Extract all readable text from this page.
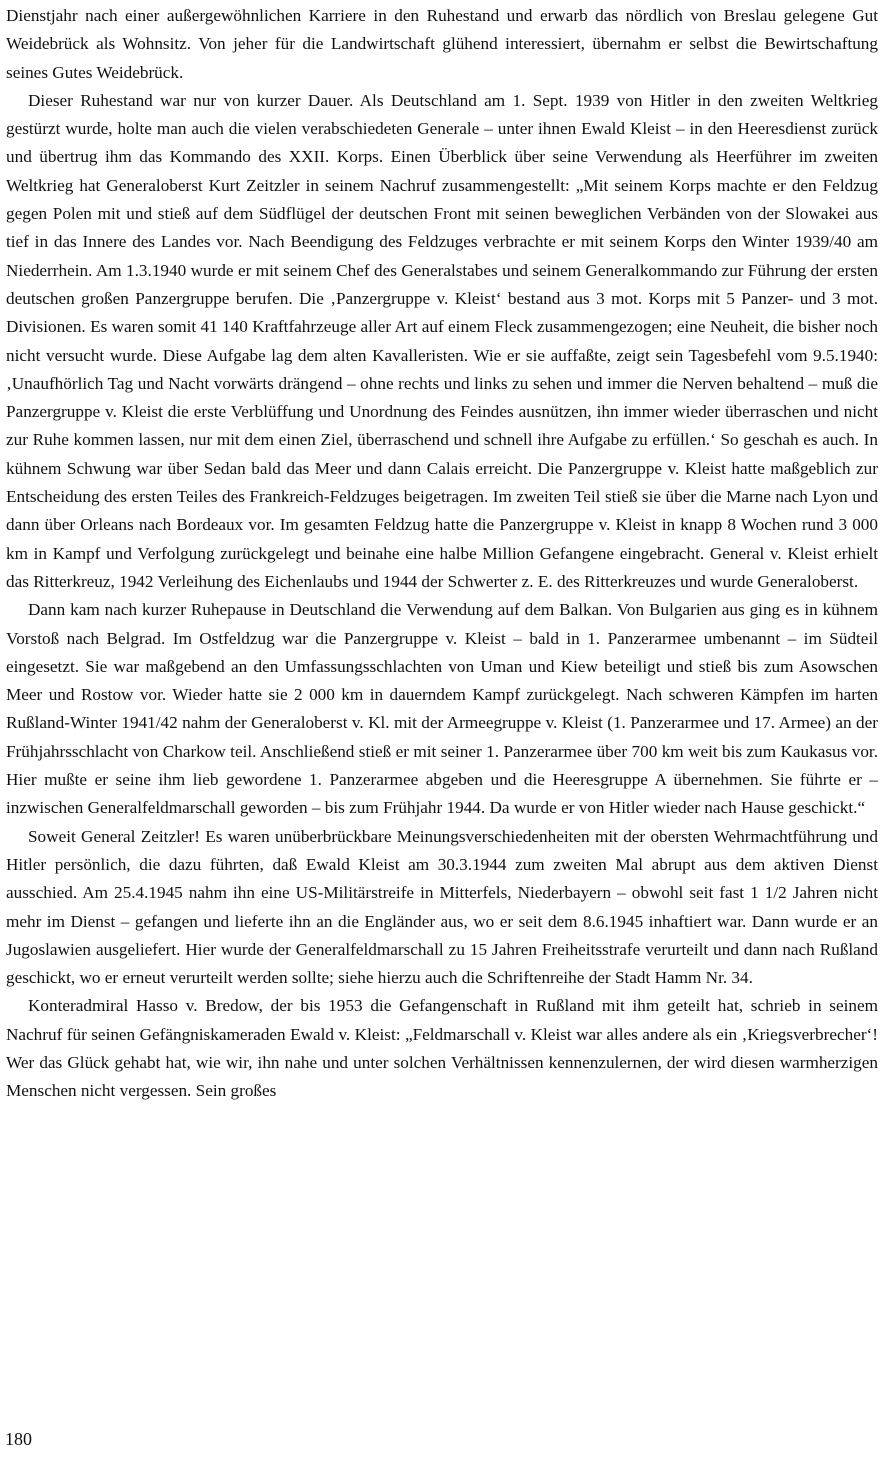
Dienstjahr nach einer außergewöhnlichen Karriere in den Ruhestand und erwarb das nördlich von Breslau gelegene Gut Weidebrück als Wohnsitz. Von jeher für die Landwirtschaft glühend interessiert, übernahm er selbst die Bewirtschaftung seines Gutes Weidebrück.

Dieser Ruhestand war nur von kurzer Dauer. Als Deutschland am 1. Sept. 1939 von Hitler in den zweiten Weltkrieg gestürzt wurde, holte man auch die vielen verabschiedeten Generale – unter ihnen Ewald Kleist – in den Heeresdienst zurück und übertrug ihm das Kommando des XXII. Korps. Einen Überblick über seine Verwendung als Heerführer im zweiten Weltkrieg hat Generaloberst Kurt Zeitzler in seinem Nachruf zusammengestellt: „Mit seinem Korps machte er den Feldzug gegen Polen mit und stieß auf dem Südflügel der deutschen Front mit seinen beweglichen Verbänden von der Slowakei aus tief in das Innere des Landes vor. Nach Beendigung des Feldzuges verbrachte er mit seinem Korps den Winter 1939/40 am Niederrhein. Am 1.3.1940 wurde er mit seinem Chef des Generalstabes und seinem Generalkommando zur Führung der ersten deutschen großen Panzergruppe berufen. Die ‚Panzergruppe v. Kleist‘ bestand aus 3 mot. Korps mit 5 Panzer- und 3 mot. Divisionen. Es waren somit 41 140 Kraftfahrzeuge aller Art auf einem Fleck zusammengezogen; eine Neuheit, die bisher noch nicht versucht wurde. Diese Aufgabe lag dem alten Kavalleristen. Wie er sie auffaßte, zeigt sein Tagesbefehl vom 9.5.1940: ‚Unaufhörlich Tag und Nacht vorwärts drängend – ohne rechts und links zu sehen und immer die Nerven behaltend – muß die Panzergruppe v. Kleist die erste Verblüffung und Unordnung des Feindes ausnützen, ihn immer wieder überraschen und nicht zur Ruhe kommen lassen, nur mit dem einen Ziel, überraschend und schnell ihre Aufgabe zu erfüllen.‘ So geschah es auch. In kühnem Schwung war über Sedan bald das Meer und dann Calais erreicht. Die Panzergruppe v. Kleist hatte maßgeblich zur Entscheidung des ersten Teiles des Frankreich-Feldzuges beigetragen. Im zweiten Teil stieß sie über die Marne nach Lyon und dann über Orleans nach Bordeaux vor. Im gesamten Feldzug hatte die Panzergruppe v. Kleist in knapp 8 Wochen rund 3 000 km in Kampf und Verfolgung zurückgelegt und beinahe eine halbe Million Gefangene eingebracht. General v. Kleist erhielt das Ritterkreuz, 1942 Verleihung des Eichenlaubs und 1944 der Schwerter z. E. des Ritterkreuzes und wurde Generaloberst.

Dann kam nach kurzer Ruhepause in Deutschland die Verwendung auf dem Balkan. Von Bulgarien aus ging es in kühnem Vorstoß nach Belgrad. Im Ostfeldzug war die Panzergruppe v. Kleist – bald in 1. Panzerarmee umbenannt – im Südteil eingesetzt. Sie war maßgebend an den Umfassungsschlachten von Uman und Kiew beteiligt und stieß bis zum Asowschen Meer und Rostow vor. Wieder hatte sie 2 000 km in dauerndem Kampf zurückgelegt. Nach schweren Kämpfen im harten Rußland-Winter 1941/42 nahm der Generaloberst v. Kl. mit der Armeegruppe v. Kleist (1. Panzerarmee und 17. Armee) an der Frühjahrsschlacht von Charkow teil. Anschließend stieß er mit seiner 1. Panzerarmee über 700 km weit bis zum Kaukasus vor. Hier mußte er seine ihm lieb gewordene 1. Panzerarmee abgeben und die Heeresgruppe A übernehmen. Sie führte er – inzwischen Generalfeldmarschall geworden – bis zum Frühjahr 1944. Da wurde er von Hitler wieder nach Hause geschickt.“

Soweit General Zeitzler! Es waren unüberbrückbare Meinungsverschiedenheiten mit der obersten Wehrmachtführung und Hitler persönlich, die dazu führten, daß Ewald Kleist am 30.3.1944 zum zweiten Mal abrupt aus dem aktiven Dienst ausschied. Am 25.4.1945 nahm ihn eine US-Militärstreife in Mitterfels, Niederbayern – obwohl seit fast 1 1/2 Jahren nicht mehr im Dienst – gefangen und lieferte ihn an die Engländer aus, wo er seit dem 8.6.1945 inhaftiert war. Dann wurde er an Jugoslawien ausgeliefert. Hier wurde der Generalfeldmarschall zu 15 Jahren Freiheitsstrafe verurteilt und dann nach Rußland geschickt, wo er erneut verurteilt werden sollte; siehe hierzu auch die Schriftenreihe der Stadt Hamm Nr. 34.

Konteradmiral Hasso v. Bredow, der bis 1953 die Gefangenschaft in Rußland mit ihm geteilt hat, schrieb in seinem Nachruf für seinen Gefängniskameraden Ewald v. Kleist: „Feldmarschall v. Kleist war alles andere als ein ‚Kriegsverbrecher‘! Wer das Glück gehabt hat, wie wir, ihn nahe und unter solchen Verhältnissen kennenzulernen, der wird diesen warmherzigen Menschen nicht vergessen. Sein großes

180
